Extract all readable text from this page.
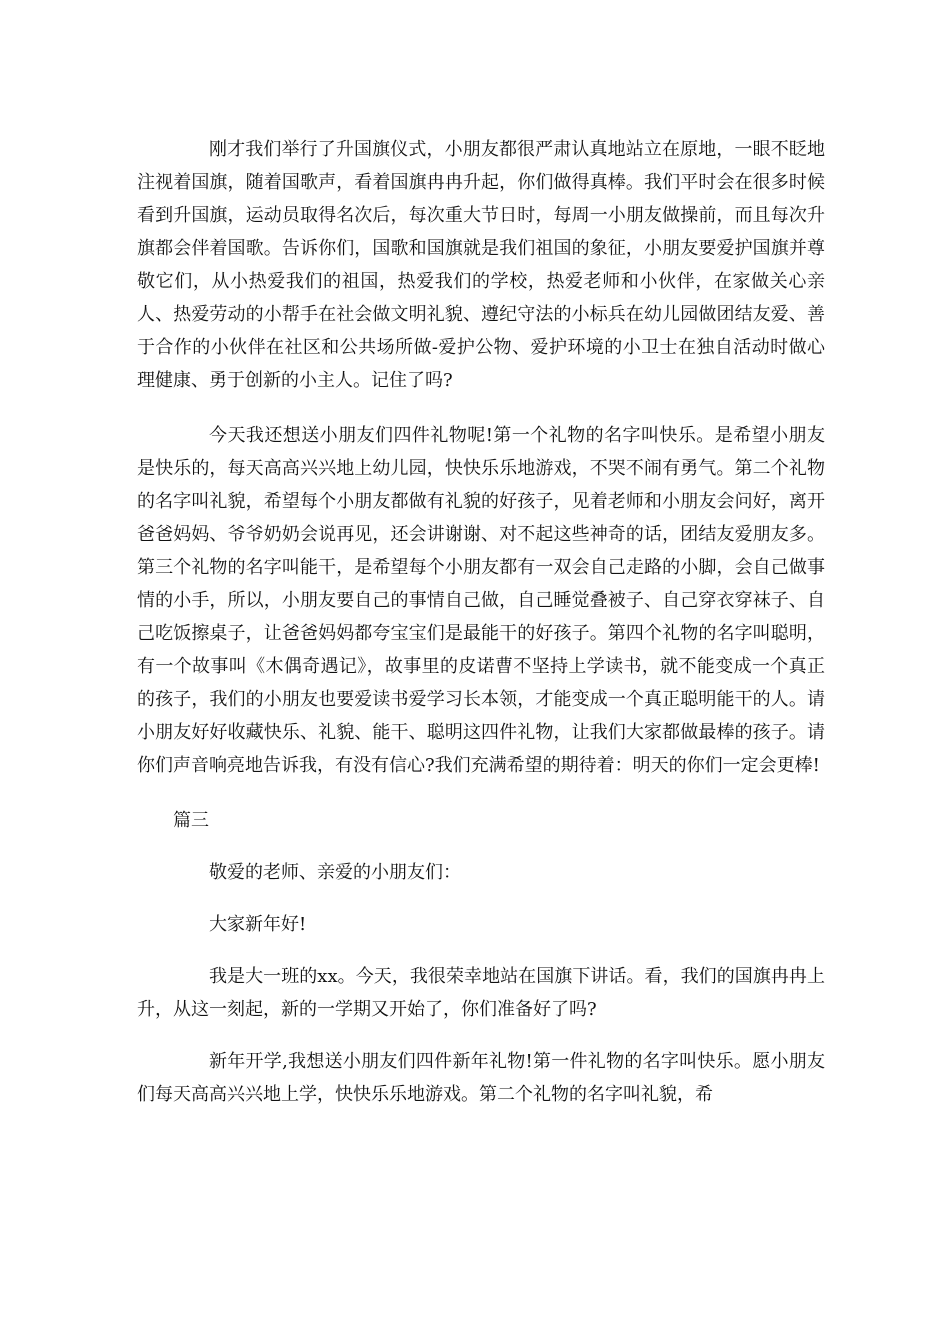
刚才我们举行了升国旗仪式，小朋友都很严肃认真地站立在原地，一眼不眨地注视着国旗，随着国歌声，看着国旗冉冉升起，你们做得真棒。我们平时会在很多时候看到升国旗，运动员取得名次后，每次重大节日时，每周一小朋友做操前，而且每次升旗都会伴着国歌。告诉你们，国歌和国旗就是我们祖国的象征，小朋友要爱护国旗并尊敬它们，从小热爱我们的祖国，热爱我们的学校，热爱老师和小伙伴，在家做关心亲人、热爱劳动的小帮手在社会做文明礼貌、遵纪守法的小标兵在幼儿园做团结友爱、善于合作的小伙伴在社区和公共场所做-爱护公物、爱护环境的小卫士在独自活动时做心理健康、勇于创新的小主人。记住了吗?

今天我还想送小朋友们四件礼物呢!第一个礼物的名字叫快乐。是希望小朋友是快乐的，每天高高兴兴地上幼儿园，快快乐乐地游戏，不哭不闹有勇气。第二个礼物的名字叫礼貌，希望每个小朋友都做有礼貌的好孩子，见着老师和小朋友会问好，离开爸爸妈妈、爷爷奶奶会说再见，还会讲谢谢、对不起这些神奇的话，团结友爱朋友多。第三个礼物的名字叫能干，是希望每个小朋友都有一双会自己走路的小脚，会自己做事情的小手，所以，小朋友要自己的事情自己做，自己睡觉叠被子、自己穿衣穿袜子、自己吃饭擦桌子，让爸爸妈妈都夸宝宝们是最能干的好孩子。第四个礼物的名字叫聪明，有一个故事叫《木偶奇遇记》，故事里的皮诺曹不坚持上学读书，就不能变成一个真正的孩子，我们的小朋友也要爱读书爱学习长本领，才能变成一个真正聪明能干的人。请小朋友好好收藏快乐、礼貌、能干、聪明这四件礼物，让我们大家都做最棒的孩子。请你们声音响亮地告诉我，有没有信心?我们充满希望的期待着：明天的你们一定会更棒!

篇三

敬爱的老师、亲爱的小朋友们：

大家新年好!

我是大一班的xx。今天，我很荣幸地站在国旗下讲话。看，我们的国旗冉冉上升，从这一刻起，新的一学期又开始了，你们准备好了吗?

新年开学,我想送小朋友们四件新年礼物!第一件礼物的名字叫快乐。愿小朋友们每天高高兴兴地上学，快快乐乐地游戏。第二个礼物的名字叫礼貌，希
